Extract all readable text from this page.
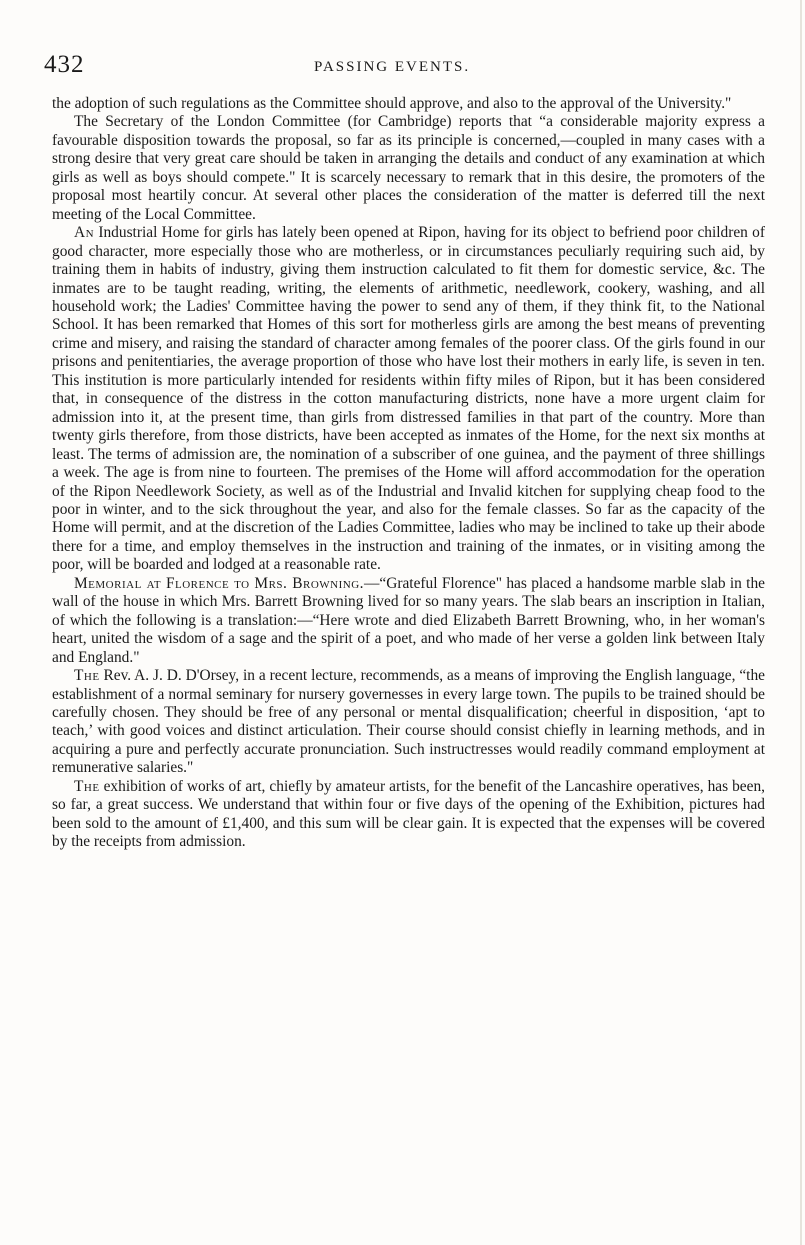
432	PASSING EVENTS.

the adoption of such regulations as the Committee should approve, and also to the approval of the University."

The Secretary of the London Committee (for Cambridge) reports that “a considerable majority express a favourable disposition towards the proposal, so far as its principle is concerned,—coupled in many cases with a strong desire that very great care should be taken in arranging the details and conduct of any examination at which girls as well as boys should compete." It is scarcely necessary to remark that in this desire, the promoters of the proposal most heartily concur. At several other places the consideration of the matter is deferred till the next meeting of the Local Committee.

An Industrial Home for girls has lately been opened at Ripon, having for its object to befriend poor children of good character, more especially those who are motherless, or in circumstances peculiarly requiring such aid, by training them in habits of industry, giving them instruction calculated to fit them for domestic service, &c. The inmates are to be taught reading, writing, the elements of arithmetic, needlework, cookery, washing, and all household work; the Ladies' Committee having the power to send any of them, if they think fit, to the National School. It has been remarked that Homes of this sort for motherless girls are among the best means of preventing crime and misery, and raising the standard of character among females of the poorer class. Of the girls found in our prisons and penitentiaries, the average proportion of those who have lost their mothers in early life, is seven in ten. This institution is more particularly intended for residents within fifty miles of Ripon, but it has been considered that, in consequence of the distress in the cotton manufacturing districts, none have a more urgent claim for admission into it, at the present time, than girls from distressed families in that part of the country. More than twenty girls therefore, from those districts, have been accepted as inmates of the Home, for the next six months at least. The terms of admission are, the nomination of a subscriber of one guinea, and the payment of three shillings a week. The age is from nine to fourteen. The premises of the Home will afford accommodation for the operation of the Ripon Needlework Society, as well as of the Industrial and Invalid kitchen for supplying cheap food to the poor in winter, and to the sick throughout the year, and also for the female classes. So far as the capacity of the Home will permit, and at the discretion of the Ladies Committee, ladies who may be inclined to take up their abode there for a time, and employ themselves in the instruction and training of the inmates, or in visiting among the poor, will be boarded and lodged at a reasonable rate.

Memorial at Florence to Mrs. Browning.—“Grateful Florence" has placed a handsome marble slab in the wall of the house in which Mrs. Barrett Browning lived for so many years. The slab bears an inscription in Italian, of which the following is a translation:—“Here wrote and died Elizabeth Barrett Browning, who, in her woman's heart, united the wisdom of a sage and the spirit of a poet, and who made of her verse a golden link between Italy and England."

The Rev. A. J. D. D'Orsey, in a recent lecture, recommends, as a means of improving the English language, “the establishment of a normal seminary for nursery governesses in every large town. The pupils to be trained should be carefully chosen. They should be free of any personal or mental disqualification; cheerful in disposition, ‘apt to teach,’ with good voices and distinct articulation. Their course should consist chiefly in learning methods, and in acquiring a pure and perfectly accurate pronunciation. Such instructresses would readily command employment at remunerative salaries."

The exhibition of works of art, chiefly by amateur artists, for the benefit of the Lancashire operatives, has been, so far, a great success. We understand that within four or five days of the opening of the Exhibition, pictures had been sold to the amount of £1,400, and this sum will be clear gain. It is expected that the expenses will be covered by the receipts from admission.
